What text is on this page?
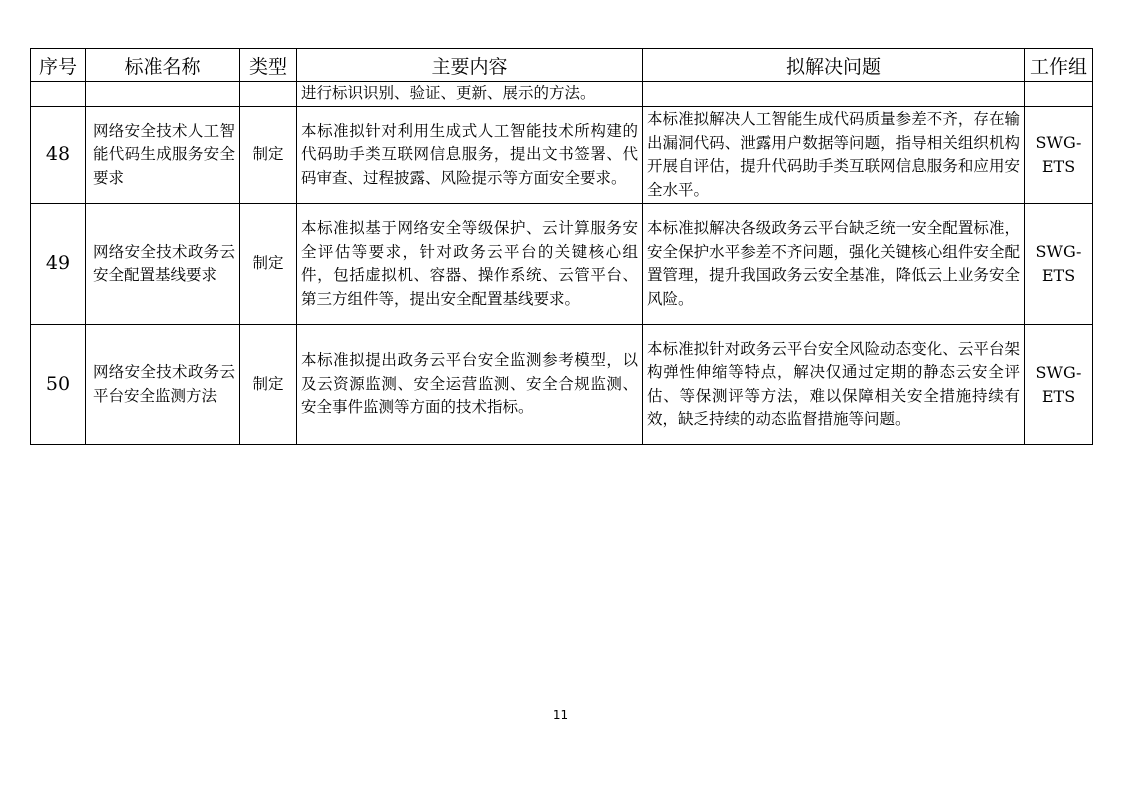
序号	标准名称	类型	主要内容	拟解决问题	工作组
			进行标识识别、验证、更新、展示的方法。		
48	网络安全技术人工智能代码生成服务安全要求	制定	本标准拟针对利用生成式人工智能技术所构建的代码助手类互联网信息服务，提出文书签署、代码审查、过程披露、风险提示等方面安全要求。	本标准拟解决人工智能生成代码质量参差不齐，存在输出漏洞代码、泄露用户数据等问题，指导相关组织机构开展自评估，提升代码助手类互联网信息服务和应用安全水平。	SWG-ETS
49	网络安全技术政务云安全配置基线要求	制定	本标准拟基于网络安全等级保护、云计算服务安全评估等要求，针对政务云平台的关键核心组件，包括虚拟机、容器、操作系统、云管平台、第三方组件等，提出安全配置基线要求。	本标准拟解决各级政务云平台缺乏统一安全配置标准，安全保护水平参差不齐问题，强化关键核心组件安全配置管理，提升我国政务云安全基准，降低云上业务安全风险。	SWG-ETS
50	网络安全技术政务云平台安全监测方法	制定	本标准拟提出政务云平台安全监测参考模型，以及云资源监测、安全运营监测、安全合规监测、安全事件监测等方面的技术指标。	本标准拟针对政务云平台安全风险动态变化、云平台架构弹性伸缩等特点，解决仅通过定期的静态云安全评估、等保测评等方法，难以保障相关安全措施持续有效，缺乏持续的动态监督措施等问题。	SWG-ETS
11
